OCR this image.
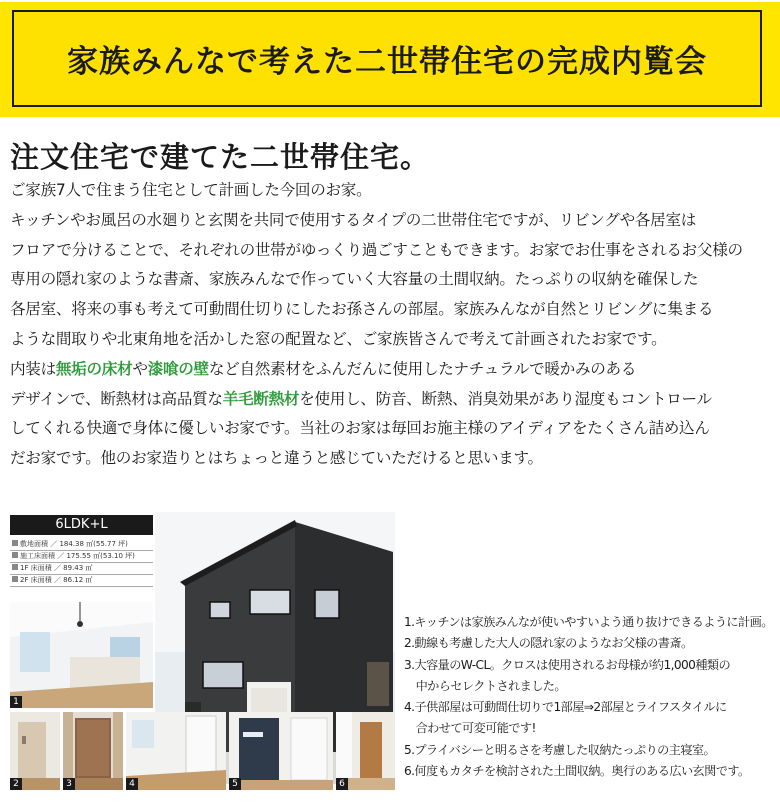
家族みんなで考えた二世帯住宅の完成内覧会
注文住宅で建てた二世帯住宅。
ご家族7人で住まう住宅として計画した今回のお家。
キッチンやお風呂の水廻りと玄関を共同で使用するタイプの二世帯住宅ですが、リビングや各居室は
フロアで分けることで、それぞれの世帯がゆっくり過ごすこともできます。お家でお仕事をされるお父様の
専用の隠れ家のような書斎、家族みんなで作っていく大容量の土間収納。たっぷりの収納を確保した
各居室、将来の事も考えて可動間仕切りにしたお孫さんの部屋。家族みんなが自然とリビングに集まる
ような間取りや北東角地を活かした窓の配置など、ご家族皆さんで考えて計画されたお家です。
内装は無垢の床材や漆喰の壁など自然素材をふんだんに使用したナチュラルで暖かみのある
デザインで、断熱材は高品質な羊毛断熱材を使用し、防音、断熱、消臭効果があり湿度もコントロール
してくれる快適で身体に優しいお家です。当社のお家は毎回お施主様のアイディアをたくさん詰め込ん
だお家です。他のお家造りとはちょっと違うと感じていただけると思います。
6LDK+L
敷地面積 ／ 184.38 ㎡(55.77 坪)
施工床面積 ／ 175.55 ㎡(53.10 坪)
1F 床面積 ／ 89.43 ㎡
2F 床面積 ／ 86.12 ㎡
1
2	3	4	5	6
1.キッチンは家族みんなが使いやすいよう通り抜けできるように計画。
2.動線も考慮した大人の隠れ家のようなお父様の書斎。
3.大容量のW-CL。クロスは使用されるお母様が約1,000種類の
　中からセレクトされました。
4.子供部屋は可動間仕切りで1部屋⇒2部屋とライフスタイルに
　合わせて可変可能です!
5.プライバシーと明るさを考慮した収納たっぷりの主寝室。
6.何度もカタチを検討された土間収納。奥行のある広い玄関です。
